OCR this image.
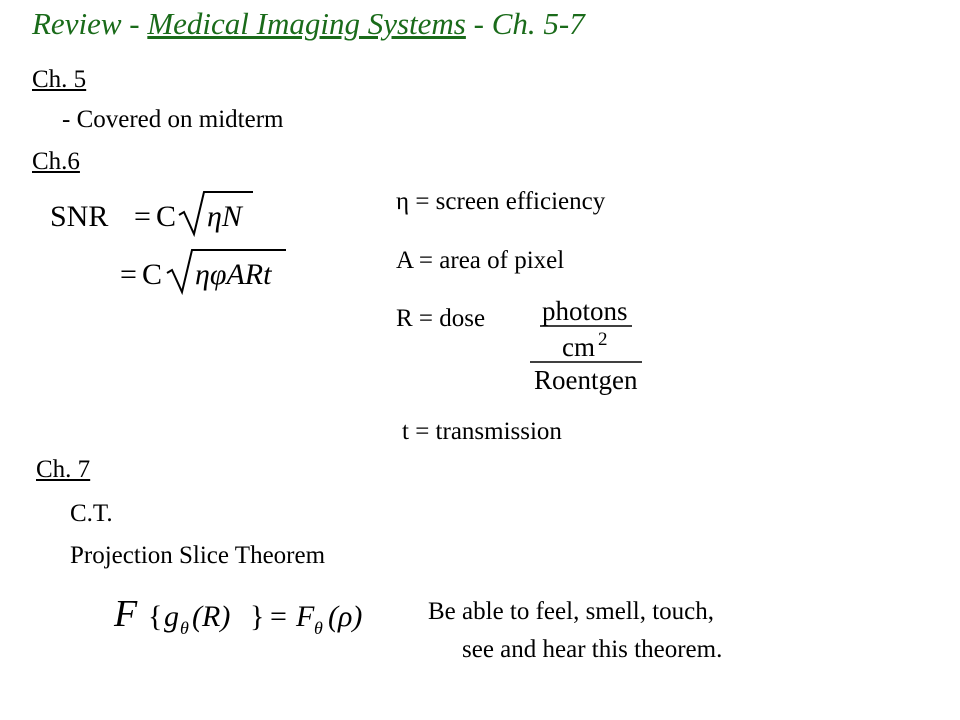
Review - Medical Imaging Systems - Ch. 5-7
Ch. 5
- Covered on midterm
Ch.6
SNR = C ηN
= C ηφARt
η = screen efficiency
A = area of pixel
R = dose photons
cm 2
Roentgen
t = transmission
Ch. 7
C.T.
Projection Slice Theorem
F { g θ (R) } = F θ (ρ)	Be able to feel, smell, touch,
see and hear this theorem.
